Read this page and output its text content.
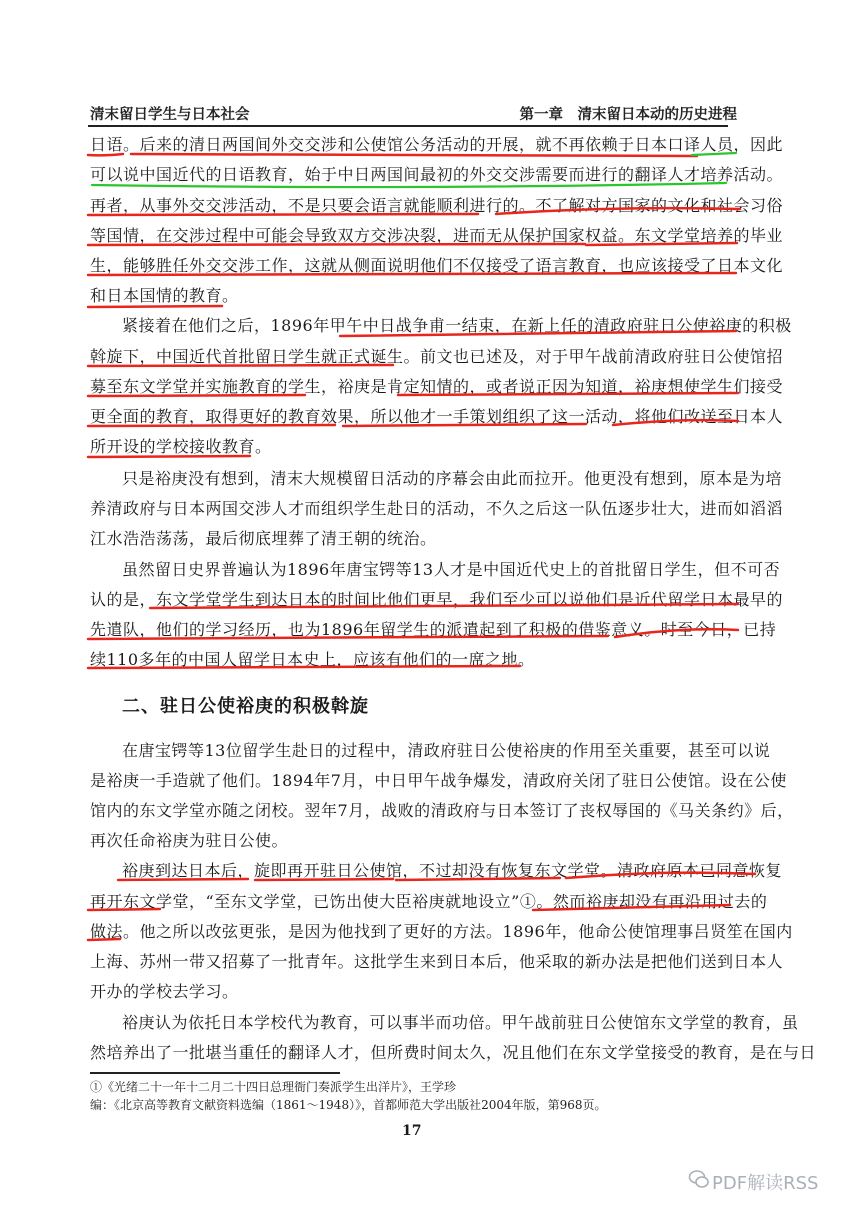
清末留日学生与日本社会	第一章　清末留日本动的历史进程
日语。后来的清日两国间外交交涉和公使馆公务活动的开展，就不再依赖于日本口译人员，因此
可以说中国近代的日语教育，始于中日两国间最初的外交交涉需要而进行的翻译人才培养活动。
再者，从事外交交涉活动，不是只要会语言就能顺利进行的。不了解对方国家的文化和社会习俗
等国情，在交涉过程中可能会导致双方交涉决裂，进而无从保护国家权益。东文学堂培养的毕业
生，能够胜任外交交涉工作，这就从侧面说明他们不仅接受了语言教育，也应该接受了日本文化
和日本国情的教育。
紧接着在他们之后，1896年甲午中日战争甫一结束，在新上任的清政府驻日公使裕庚的积极
斡旋下，中国近代首批留日学生就正式诞生。前文也已述及，对于甲午战前清政府驻日公使馆招
募至东文学堂并实施教育的学生，裕庚是肯定知情的，或者说正因为知道，裕庚想使学生们接受
更全面的教育，取得更好的教育效果，所以他才一手策划组织了这一活动，将他们改送至日本人
所开设的学校接收教育。
只是裕庚没有想到，清末大规模留日活动的序幕会由此而拉开。他更没有想到，原本是为培
养清政府与日本两国交涉人才而组织学生赴日的活动，不久之后这一队伍逐步壮大，进而如滔滔
江水浩浩荡荡，最后彻底埋葬了清王朝的统治。
虽然留日史界普遍认为1896年唐宝锷等13人才是中国近代史上的首批留日学生，但不可否
认的是，东文学堂学生到达日本的时间比他们更早，我们至少可以说他们是近代留学日本最早的
先遣队，他们的学习经历，也为1896年留学生的派遣起到了积极的借鉴意义。时至今日，已持
续110多年的中国人留学日本史上，应该有他们的一席之地。
二、驻日公使裕庚的积极斡旋
在唐宝锷等13位留学生赴日的过程中，清政府驻日公使裕庚的作用至关重要，甚至可以说
是裕庚一手造就了他们。1894年7月，中日甲午战争爆发，清政府关闭了驻日公使馆。设在公使
馆内的东文学堂亦随之闭校。翌年7月，战败的清政府与日本签订了丧权辱国的《马关条约》后，
再次任命裕庚为驻日公使。
裕庚到达日本后，旋即再开驻日公使馆，不过却没有恢复东文学堂。清政府原本已同意恢复
再开东文学堂，“至东文学堂，已饬出使大臣裕庚就地设立”①。然而裕庚却没有再沿用过去的
做法。他之所以改弦更张，是因为他找到了更好的方法。1896年，他命公使馆理事吕贤笙在国内
上海、苏州一带又招募了一批青年。这批学生来到日本后，他采取的新办法是把他们送到日本人
开办的学校去学习。
裕庚认为依托日本学校代为教育，可以事半而功倍。甲午战前驻日公使馆东文学堂的教育，虽
然培养出了一批堪当重任的翻译人才，但所费时间太久，况且他们在东文学堂接受的教育，是在与日
①《光绪二十一年十二月二十四日总理衙门奏派学生出洋片》，王学珍
编：《北京高等教育文献资料选编（1861～1948）》，首都师范大学出版社2004年版，第968页。
17
PDF解读RSS
